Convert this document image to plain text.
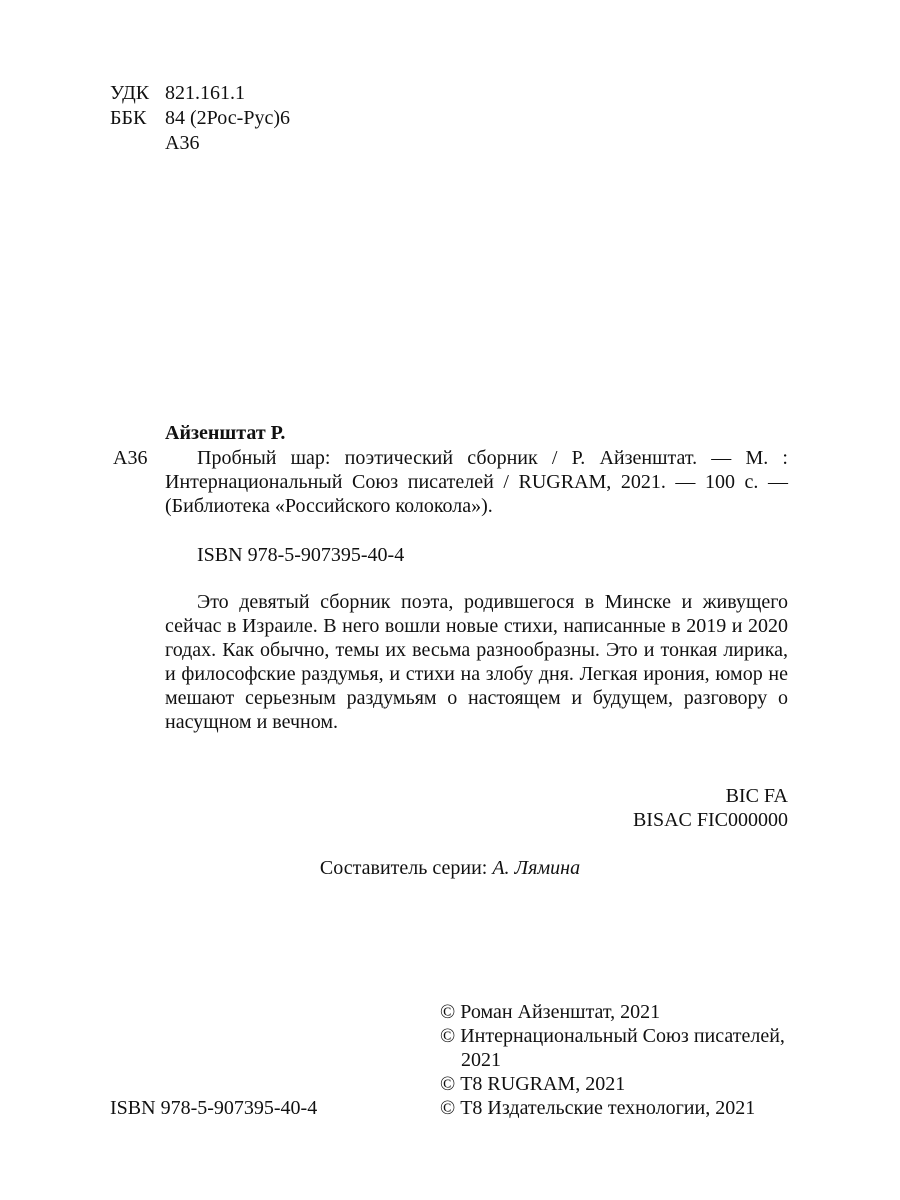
УДК 821.161.1
ББК 84 (2Рос-Рус)6
А36
Айзенштат Р.
А36	Пробный шар: поэтический сборник / Р. Айзенштат. — М. : Интернациональный Союз писателей / RUGRAM, 2021. — 100 с. — (Библиотека «Российского колокола»).
ISBN 978-5-907395-40-4
Это девятый сборник поэта, родившегося в Минске и живущего сейчас в Израиле. В него вошли новые стихи, написанные в 2019 и 2020 годах. Как обычно, темы их весьма разнообразны. Это и тонкая лирика, и философские раздумья, и стихи на злобу дня. Легкая ирония, юмор не мешают серьезным раздумьям о настоящем и будущем, разговору о насущном и вечном.
BIC FA
BISAC FIC000000
Составитель серии: А. Лямина
© Роман Айзенштат, 2021
© Интернациональный Союз писателей, 2021
© Т8 RUGRAM, 2021
© Т8 Издательские технологии, 2021
ISBN 978-5-907395-40-4
